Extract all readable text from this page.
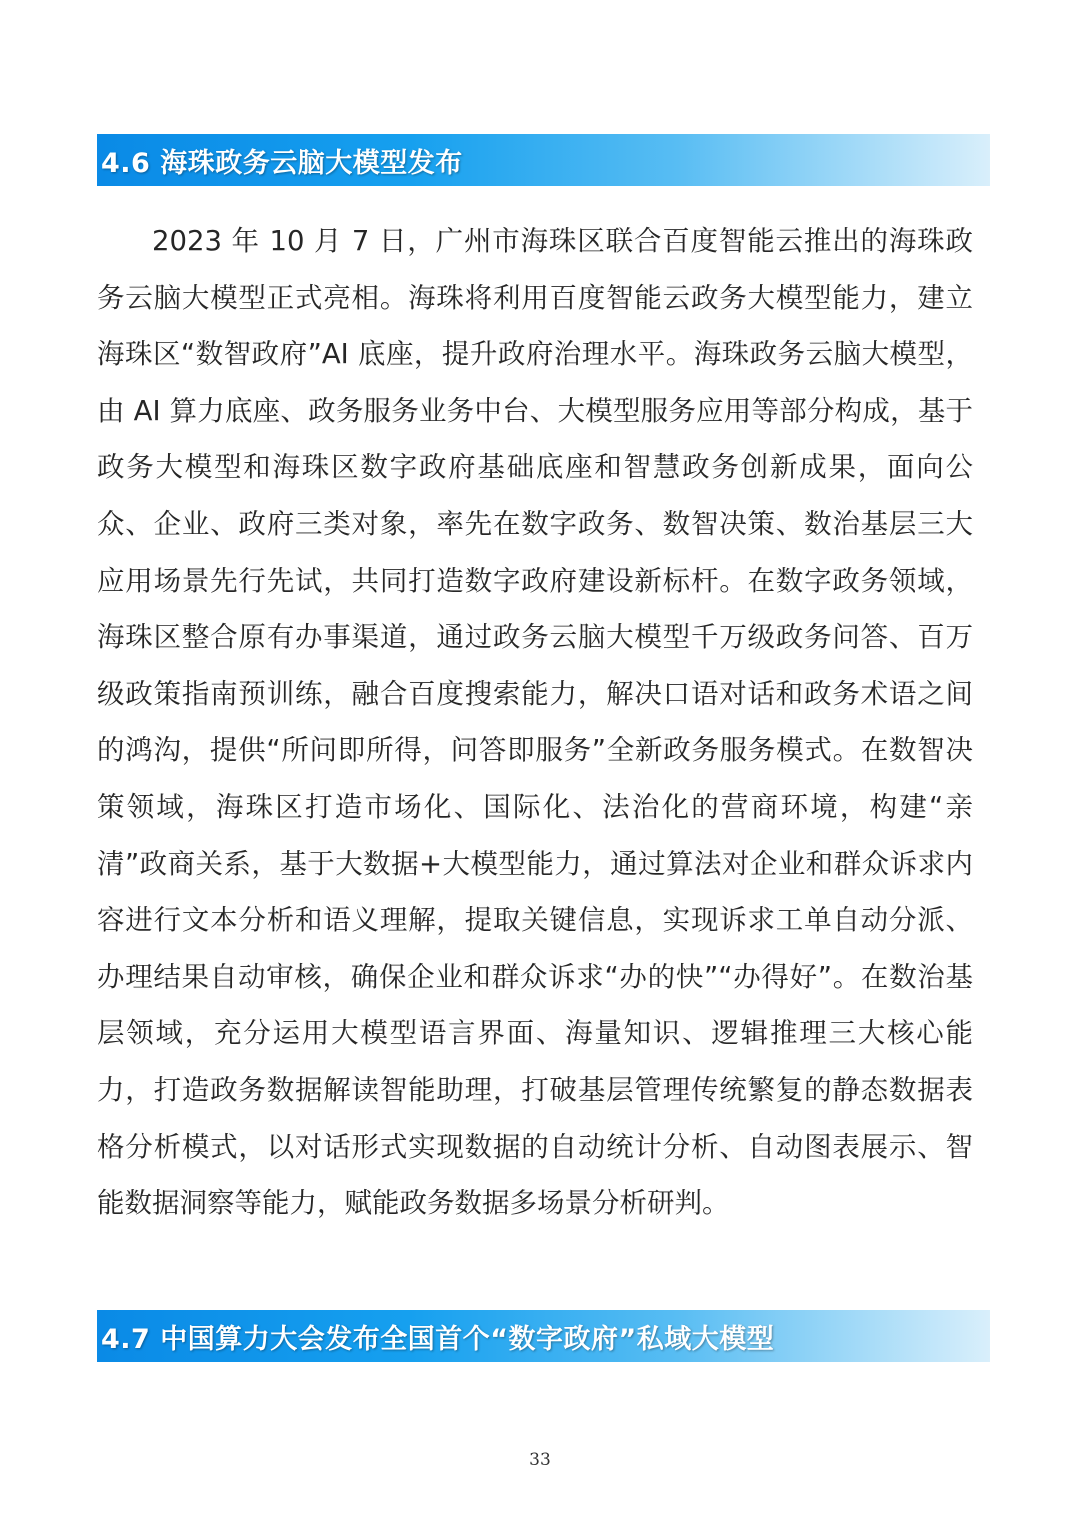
4.6 海珠政务云脑大模型发布

2023 年 10 月 7 日，广州市海珠区联合百度智能云推出的海珠政务云脑大模型正式亮相。海珠将利用百度智能云政务大模型能力，建立海珠区“数智政府”AI 底座，提升政府治理水平。海珠政务云脑大模型，由 AI 算力底座、政务服务业务中台、大模型服务应用等部分构成，基于政务大模型和海珠区数字政府基础底座和智慧政务创新成果，面向公众、企业、政府三类对象，率先在数字政务、数智决策、数治基层三大应用场景先行先试，共同打造数字政府建设新标杆。在数字政务领域，海珠区整合原有办事渠道，通过政务云脑大模型千万级政务问答、百万级政策指南预训练，融合百度搜索能力，解决口语对话和政务术语之间的鸿沟，提供“所问即所得，问答即服务”全新政务服务模式。在数智决策领域，海珠区打造市场化、国际化、法治化的营商环境，构建“亲清”政商关系，基于大数据+大模型能力，通过算法对企业和群众诉求内容进行文本分析和语义理解，提取关键信息，实现诉求工单自动分派、办理结果自动审核，确保企业和群众诉求“办的快”“办得好”。在数治基层领域，充分运用大模型语言界面、海量知识、逻辑推理三大核心能力，打造政务数据解读智能助理，打破基层管理传统繁复的静态数据表格分析模式，以对话形式实现数据的自动统计分析、自动图表展示、智能数据洞察等能力，赋能政务数据多场景分析研判。

4.7 中国算力大会发布全国首个“数字政府”私域大模型
33
